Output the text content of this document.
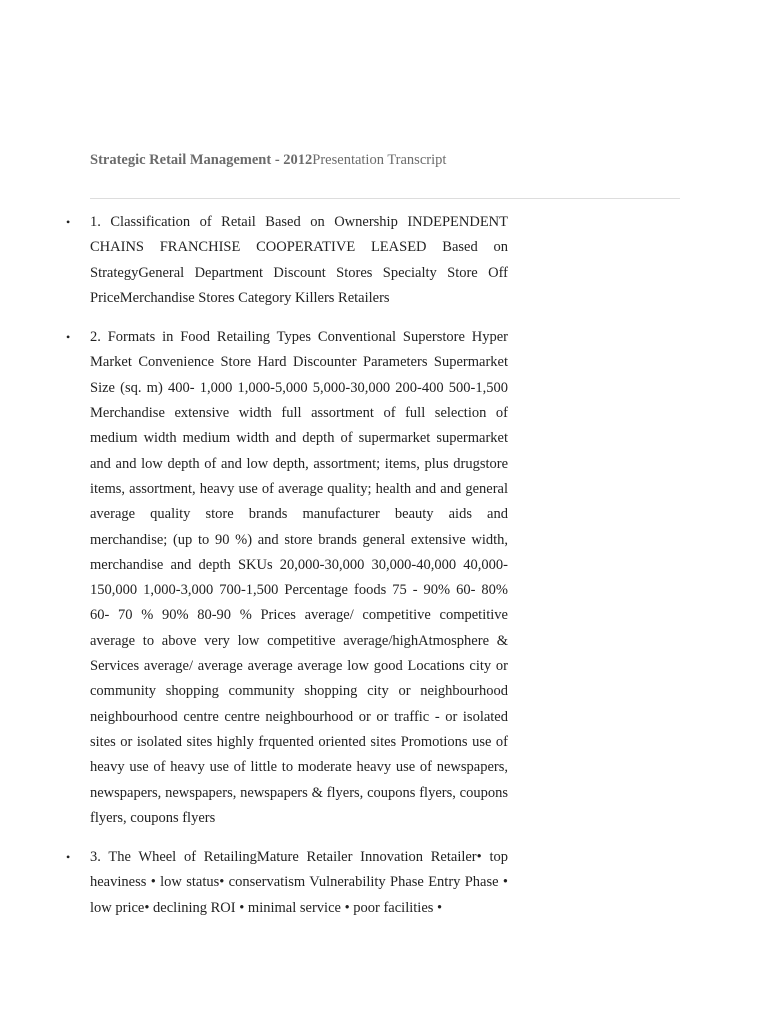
Strategic Retail Management - 2012Presentation Transcript
• 1. Classification of Retail Based on Ownership INDEPENDENT CHAINS FRANCHISE COOPERATIVE LEASED Based on StrategyGeneral Department Discount Stores Specialty Store Off PriceMerchandise Stores Category Killers Retailers
• 2. Formats in Food Retailing Types Conventional Superstore Hyper Market Convenience Store Hard Discounter Parameters Supermarket Size (sq. m) 400- 1,000 1,000-5,000 5,000-30,000 200-400 500-1,500 Merchandise extensive width full assortment of full selection of medium width medium width and depth of supermarket supermarket and and low depth of and low depth, assortment; items, plus drugstore items, assortment, heavy use of average quality; health and and general average quality store brands manufacturer beauty aids and merchandise; (up to 90 %) and store brands general extensive width, merchandise and depth SKUs 20,000-30,000 30,000-40,000 40,000-150,000 1,000-3,000 700-1,500 Percentage foods 75 - 90% 60- 80% 60- 70 % 90% 80-90 % Prices average/ competitive competitive average to above very low competitive average/highAtmosphere & Services average/ average average average low good Locations city or community shopping community shopping city or neighbourhood neighbourhood centre centre neighbourhood or or traffic - or isolated sites or isolated sites highly frquented oriented sites Promotions use of heavy use of heavy use of little to moderate heavy use of newspapers, newspapers, newspapers, newspapers & flyers, coupons flyers, coupons flyers, coupons flyers
• 3. The Wheel of RetailingMature Retailer Innovation Retailer• top heaviness • low status• conservatism Vulnerability Phase Entry Phase • low price• declining ROI • minimal service • poor facilities •
